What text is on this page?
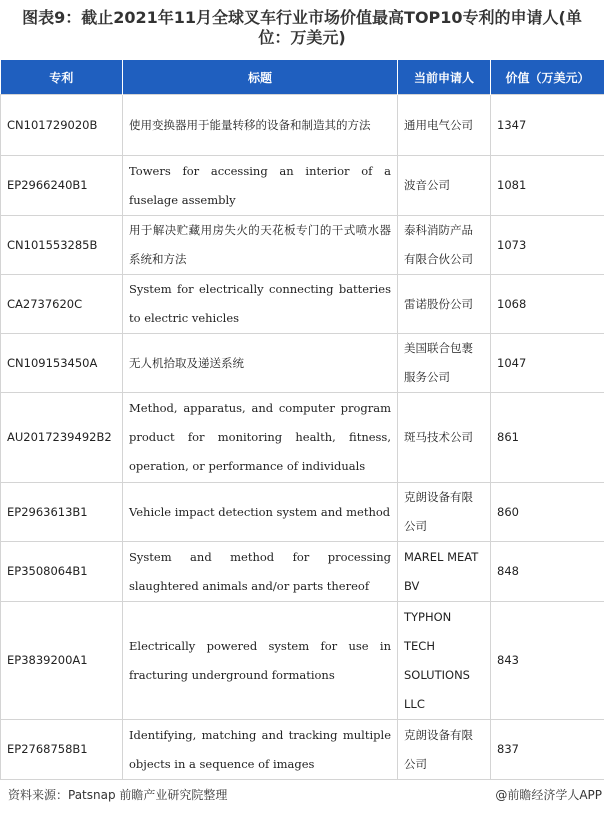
图表9：截止2021年11月全球叉车行业市场价值最高TOP10专利的申请人(单位：万美元)
专利	标题	当前申请人	价值（万美元）
CN101729020B	使用变换器用于能量转移的设备和制造其的方法	通用电气公司	1347
EP2966240B1	Towers for accessing an interior of a fuselage assembly	波音公司	1081
CN101553285B	用于解决贮藏用房失火的天花板专门的干式喷水器系统和方法	泰科消防产品有限合伙公司	1073
CA2737620C	System for electrically connecting batteries to electric vehicles	雷诺股份公司	1068
CN109153450A	无人机拾取及递送系统	美国联合包裹服务公司	1047
AU2017239492B2	Method, apparatus, and computer program product for monitoring health, fitness, operation, or performance of individuals	斑马技术公司	861
EP2963613B1	Vehicle impact detection system and method	克朗设备有限公司	860
EP3508064B1	System and method for processing slaughtered animals and/or parts thereof	MAREL MEAT BV	848
EP3839200A1	Electrically powered system for use in fracturing underground formations	TYPHON TECH SOLUTIONS LLC	843
EP2768758B1	Identifying, matching and tracking multiple objects in a sequence of images	克朗设备有限公司	837
资料来源：Patsnap 前瞻产业研究院整理	@前瞻经济学人APP
